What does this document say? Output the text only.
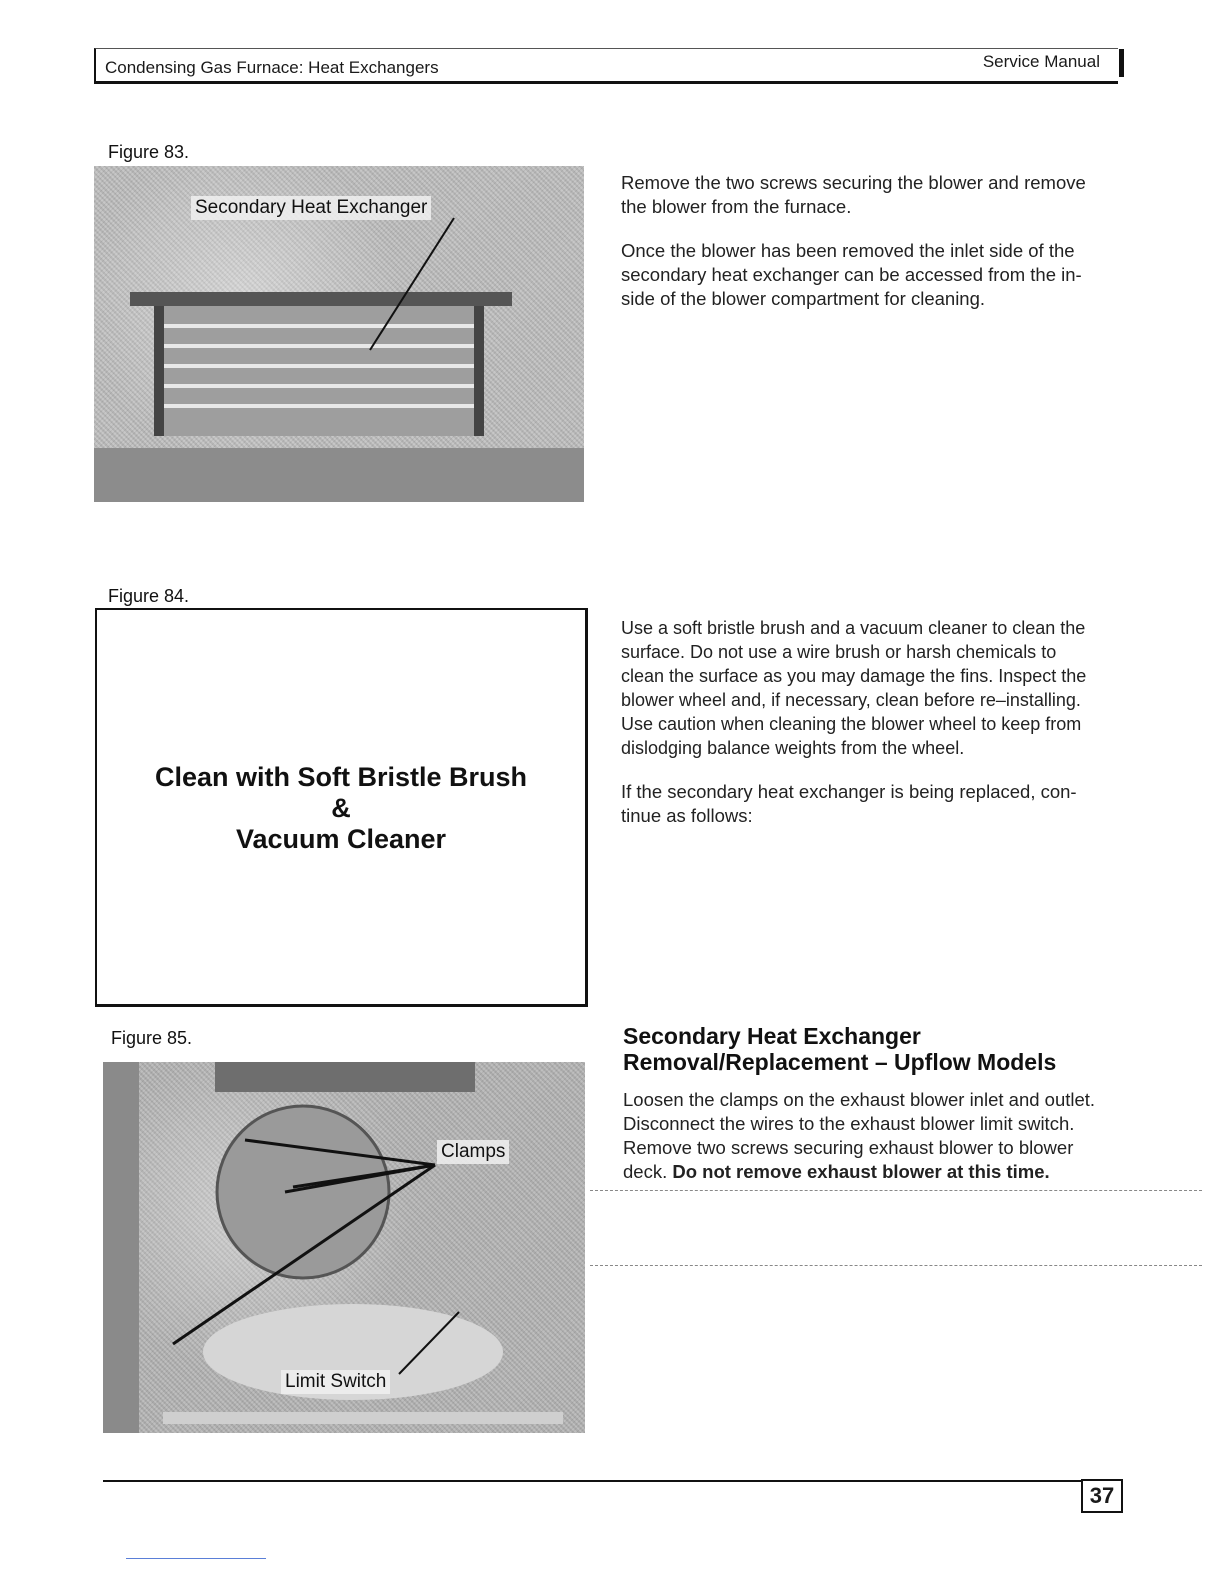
Condensing Gas Furnace: Heat Exchangers	Service Manual
Figure 83.
Secondary Heat Exchanger
Remove the two screws securing the blower and remove
the blower from the furnace.
Once the blower has been removed the inlet side of the
secondary heat exchanger can be accessed from the in-
side of the blower compartment for cleaning.
Figure 84.
Clean with Soft Bristle Brush
&
Vacuum Cleaner
Use a soft bristle brush and a vacuum cleaner to clean the
surface. Do not use a wire brush or harsh chemicals to
clean the surface as you may damage the fins. Inspect the
blower wheel and, if necessary, clean before re–installing.
Use caution when cleaning the blower wheel to keep from
dislodging balance weights from the wheel.
If the secondary heat exchanger is being replaced, con-
tinue as follows:
Figure 85.
Clamps
Limit Switch
Secondary Heat Exchanger
Removal/Replacement – Upflow Models
Loosen the clamps on the exhaust blower inlet and outlet.
Disconnect the wires to the exhaust blower limit switch.
Remove two screws securing exhaust blower to blower
deck. Do not remove exhaust blower at this time.
37
